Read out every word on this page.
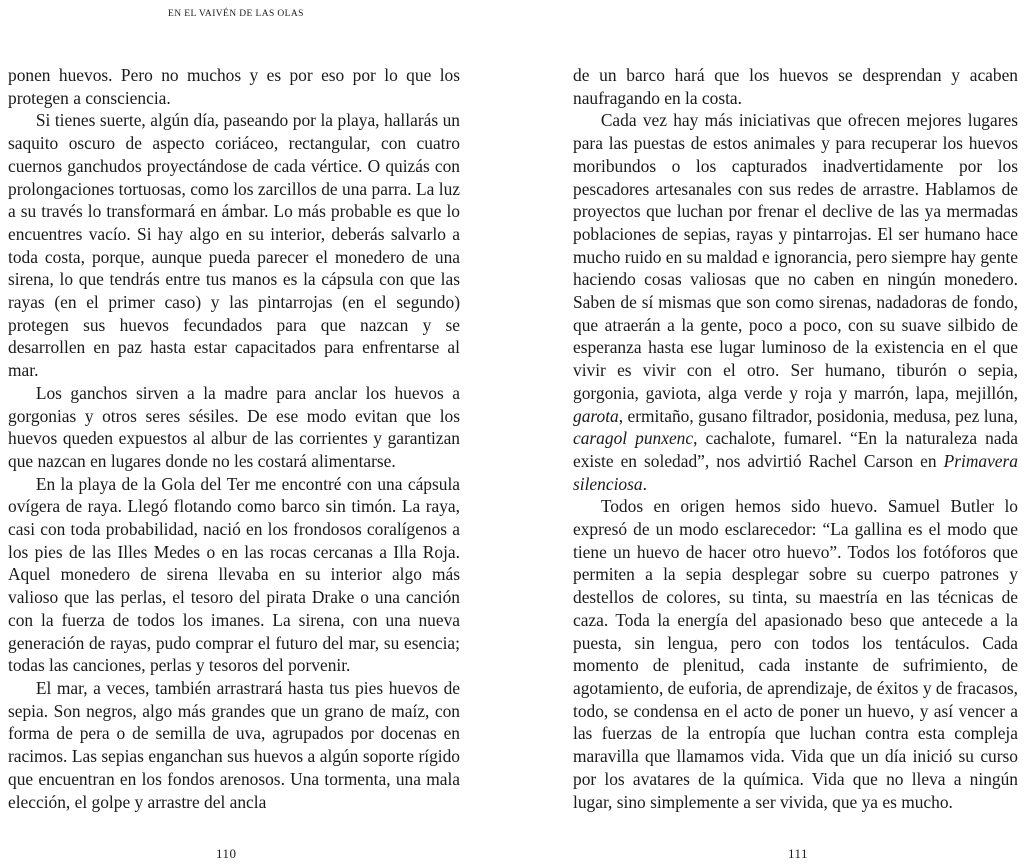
EN EL VAIVÉN DE LAS OLAS

ponen huevos. Pero no muchos y es por eso por lo que los protegen a consciencia.

Si tienes suerte, algún día, paseando por la playa, hallarás un saquito oscuro de aspecto coriáceo, rectangular, con cuatro cuernos ganchudos proyectándose de cada vértice. O quizás con prolongaciones tortuosas, como los zarcillos de una parra. La luz a su través lo transformará en ámbar. Lo más probable es que lo encuentres vacío. Si hay algo en su interior, deberás salvarlo a toda costa, porque, aunque pueda parecer el monedero de una sirena, lo que tendrás entre tus manos es la cápsula con que las rayas (en el primer caso) y las pintarrojas (en el segundo) protegen sus huevos fecundados para que nazcan y se desarrollen en paz hasta estar capacitados para enfrentarse al mar.

Los ganchos sirven a la madre para anclar los huevos a gorgonias y otros seres sésiles. De ese modo evitan que los huevos queden expuestos al albur de las corrientes y garantizan que nazcan en lugares donde no les costará alimentarse.

En la playa de la Gola del Ter me encontré con una cápsula ovígera de raya. Llegó flotando como barco sin timón. La raya, casi con toda probabilidad, nació en los frondosos coralígenos a los pies de las Illes Medes o en las rocas cercanas a Illa Roja. Aquel monedero de sirena llevaba en su interior algo más valioso que las perlas, el tesoro del pirata Drake o una canción con la fuerza de todos los imanes. La sirena, con una nueva generación de rayas, pudo comprar el futuro del mar, su esencia; todas las canciones, perlas y tesoros del porvenir.

El mar, a veces, también arrastrará hasta tus pies huevos de sepia. Son negros, algo más grandes que un grano de maíz, con forma de pera o de semilla de uva, agrupados por docenas en racimos. Las sepias enganchan sus huevos a algún soporte rígido que encuentran en los fondos arenosos. Una tormenta, una mala elección, el golpe y arrastre del ancla

110

de un barco hará que los huevos se desprendan y acaben naufragando en la costa.

Cada vez hay más iniciativas que ofrecen mejores lugares para las puestas de estos animales y para recuperar los huevos moribundos o los capturados inadvertidamente por los pescadores artesanales con sus redes de arrastre. Hablamos de proyectos que luchan por frenar el declive de las ya mermadas poblaciones de sepias, rayas y pintarrojas. El ser humano hace mucho ruido en su maldad e ignorancia, pero siempre hay gente haciendo cosas valiosas que no caben en ningún monedero. Saben de sí mismas que son como sirenas, nadadoras de fondo, que atraerán a la gente, poco a poco, con su suave silbido de esperanza hasta ese lugar luminoso de la existencia en el que vivir es vivir con el otro. Ser humano, tiburón o sepia, gorgonia, gaviota, alga verde y roja y marrón, lapa, mejillón, garota, ermitaño, gusano filtrador, posidonia, medusa, pez luna, caragol punxenc, cachalote, fumarel. “En la naturaleza nada existe en soledad”, nos advirtió Rachel Carson en Primavera silenciosa.

Todos en origen hemos sido huevo. Samuel Butler lo expresó de un modo esclarecedor: “La gallina es el modo que tiene un huevo de hacer otro huevo”. Todos los fotóforos que permiten a la sepia desplegar sobre su cuerpo patrones y destellos de colores, su tinta, su maestría en las técnicas de caza. Toda la energía del apasionado beso que antecede a la puesta, sin lengua, pero con todos los tentáculos. Cada momento de plenitud, cada instante de sufrimiento, de agotamiento, de euforia, de aprendizaje, de éxitos y de fracasos, todo, se condensa en el acto de poner un huevo, y así vencer a las fuerzas de la entropía que luchan contra esta compleja maravilla que llamamos vida. Vida que un día inició su curso por los avatares de la química. Vida que no lleva a ningún lugar, sino simplemente a ser vivida, que ya es mucho.

111
